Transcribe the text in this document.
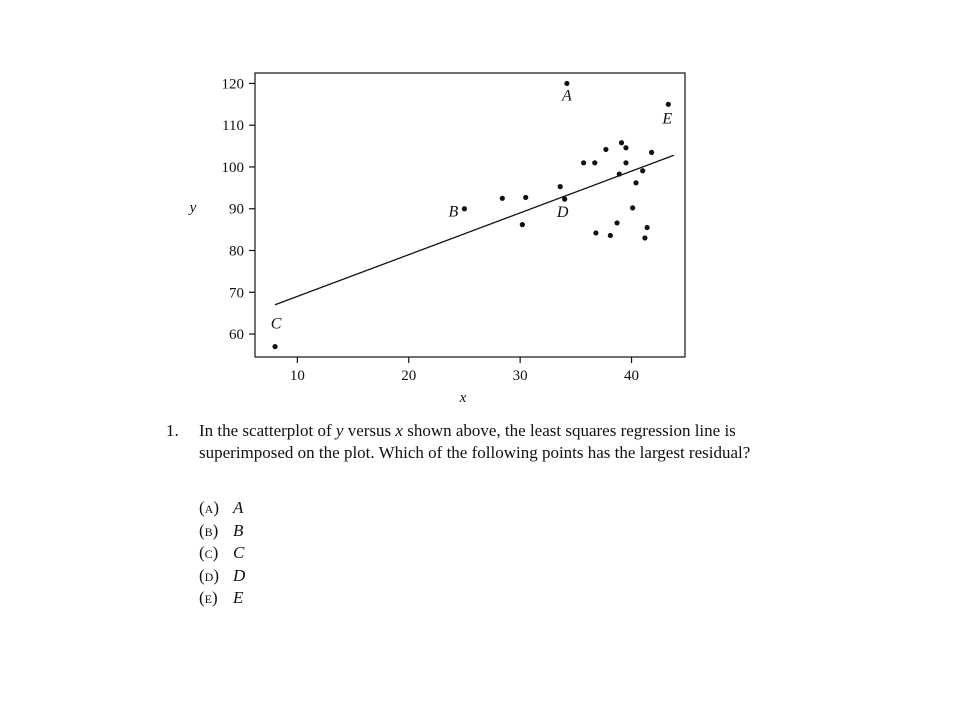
60
70
80
90
100
110
120
10	20	30	40
A
B
C
D
E
y
x
1. In the scatterplot of y versus x shown above, the least squares regression line is superimposed on the plot. Which of the following points has the largest residual?
(a) A
(b) B
(c) C
(d) D
(e) E
